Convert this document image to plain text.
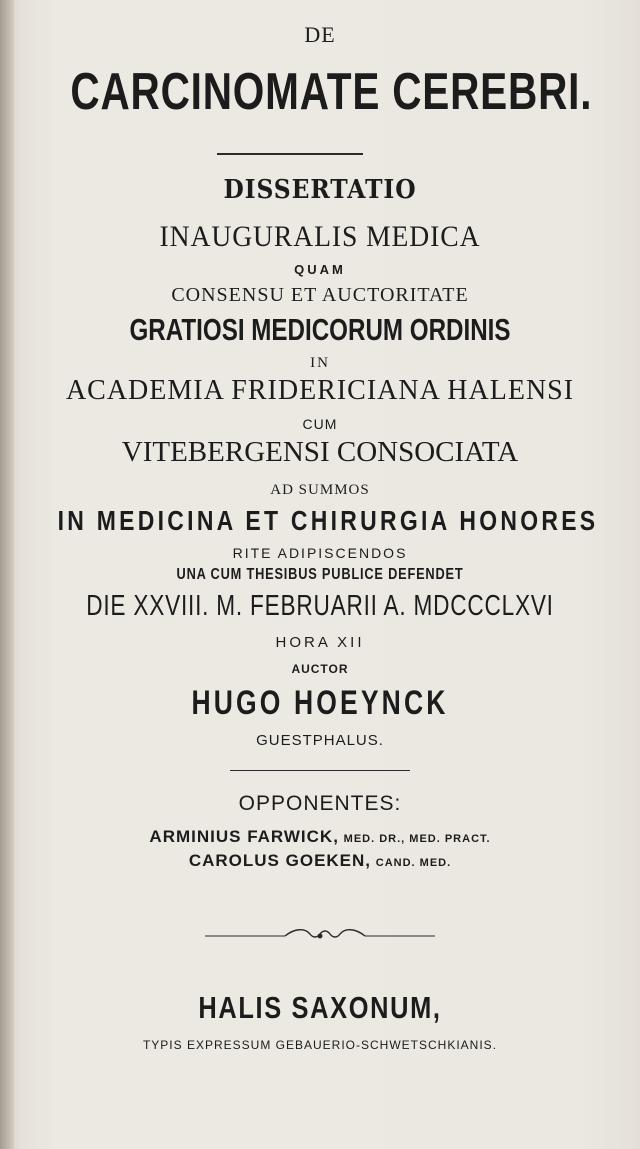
DE

CARCINOMATE CEREBRI.

DISSERTATIO

INAUGURALIS MEDICA

QUAM

CONSENSU ET AUCTORITATE

GRATIOSI MEDICORUM ORDINIS

IN

ACADEMIA FRIDERICIANA HALENSI

CUM

VITEBERGENSI CONSOCIATA

AD SUMMOS

IN MEDICINA ET CHIRURGIA HONORES

RITE ADIPISCENDOS

UNA CUM THESIBUS PUBLICE DEFENDET

DIE XXVIII. M. FEBRUARII A. MDCCCLXVI

HORA XII

AUCTOR

HUGO HOEYNCK

GUESTPHALUS.

OPPONENTES:

ARMINIUS FARWICK, MED. DR., MED. PRACT.

CAROLUS GOEKEN, CAND. MED.

HALIS SAXONUM,

TYPIS EXPRESSUM GEBAUERIO-SCHWETSCHKIANIS.
